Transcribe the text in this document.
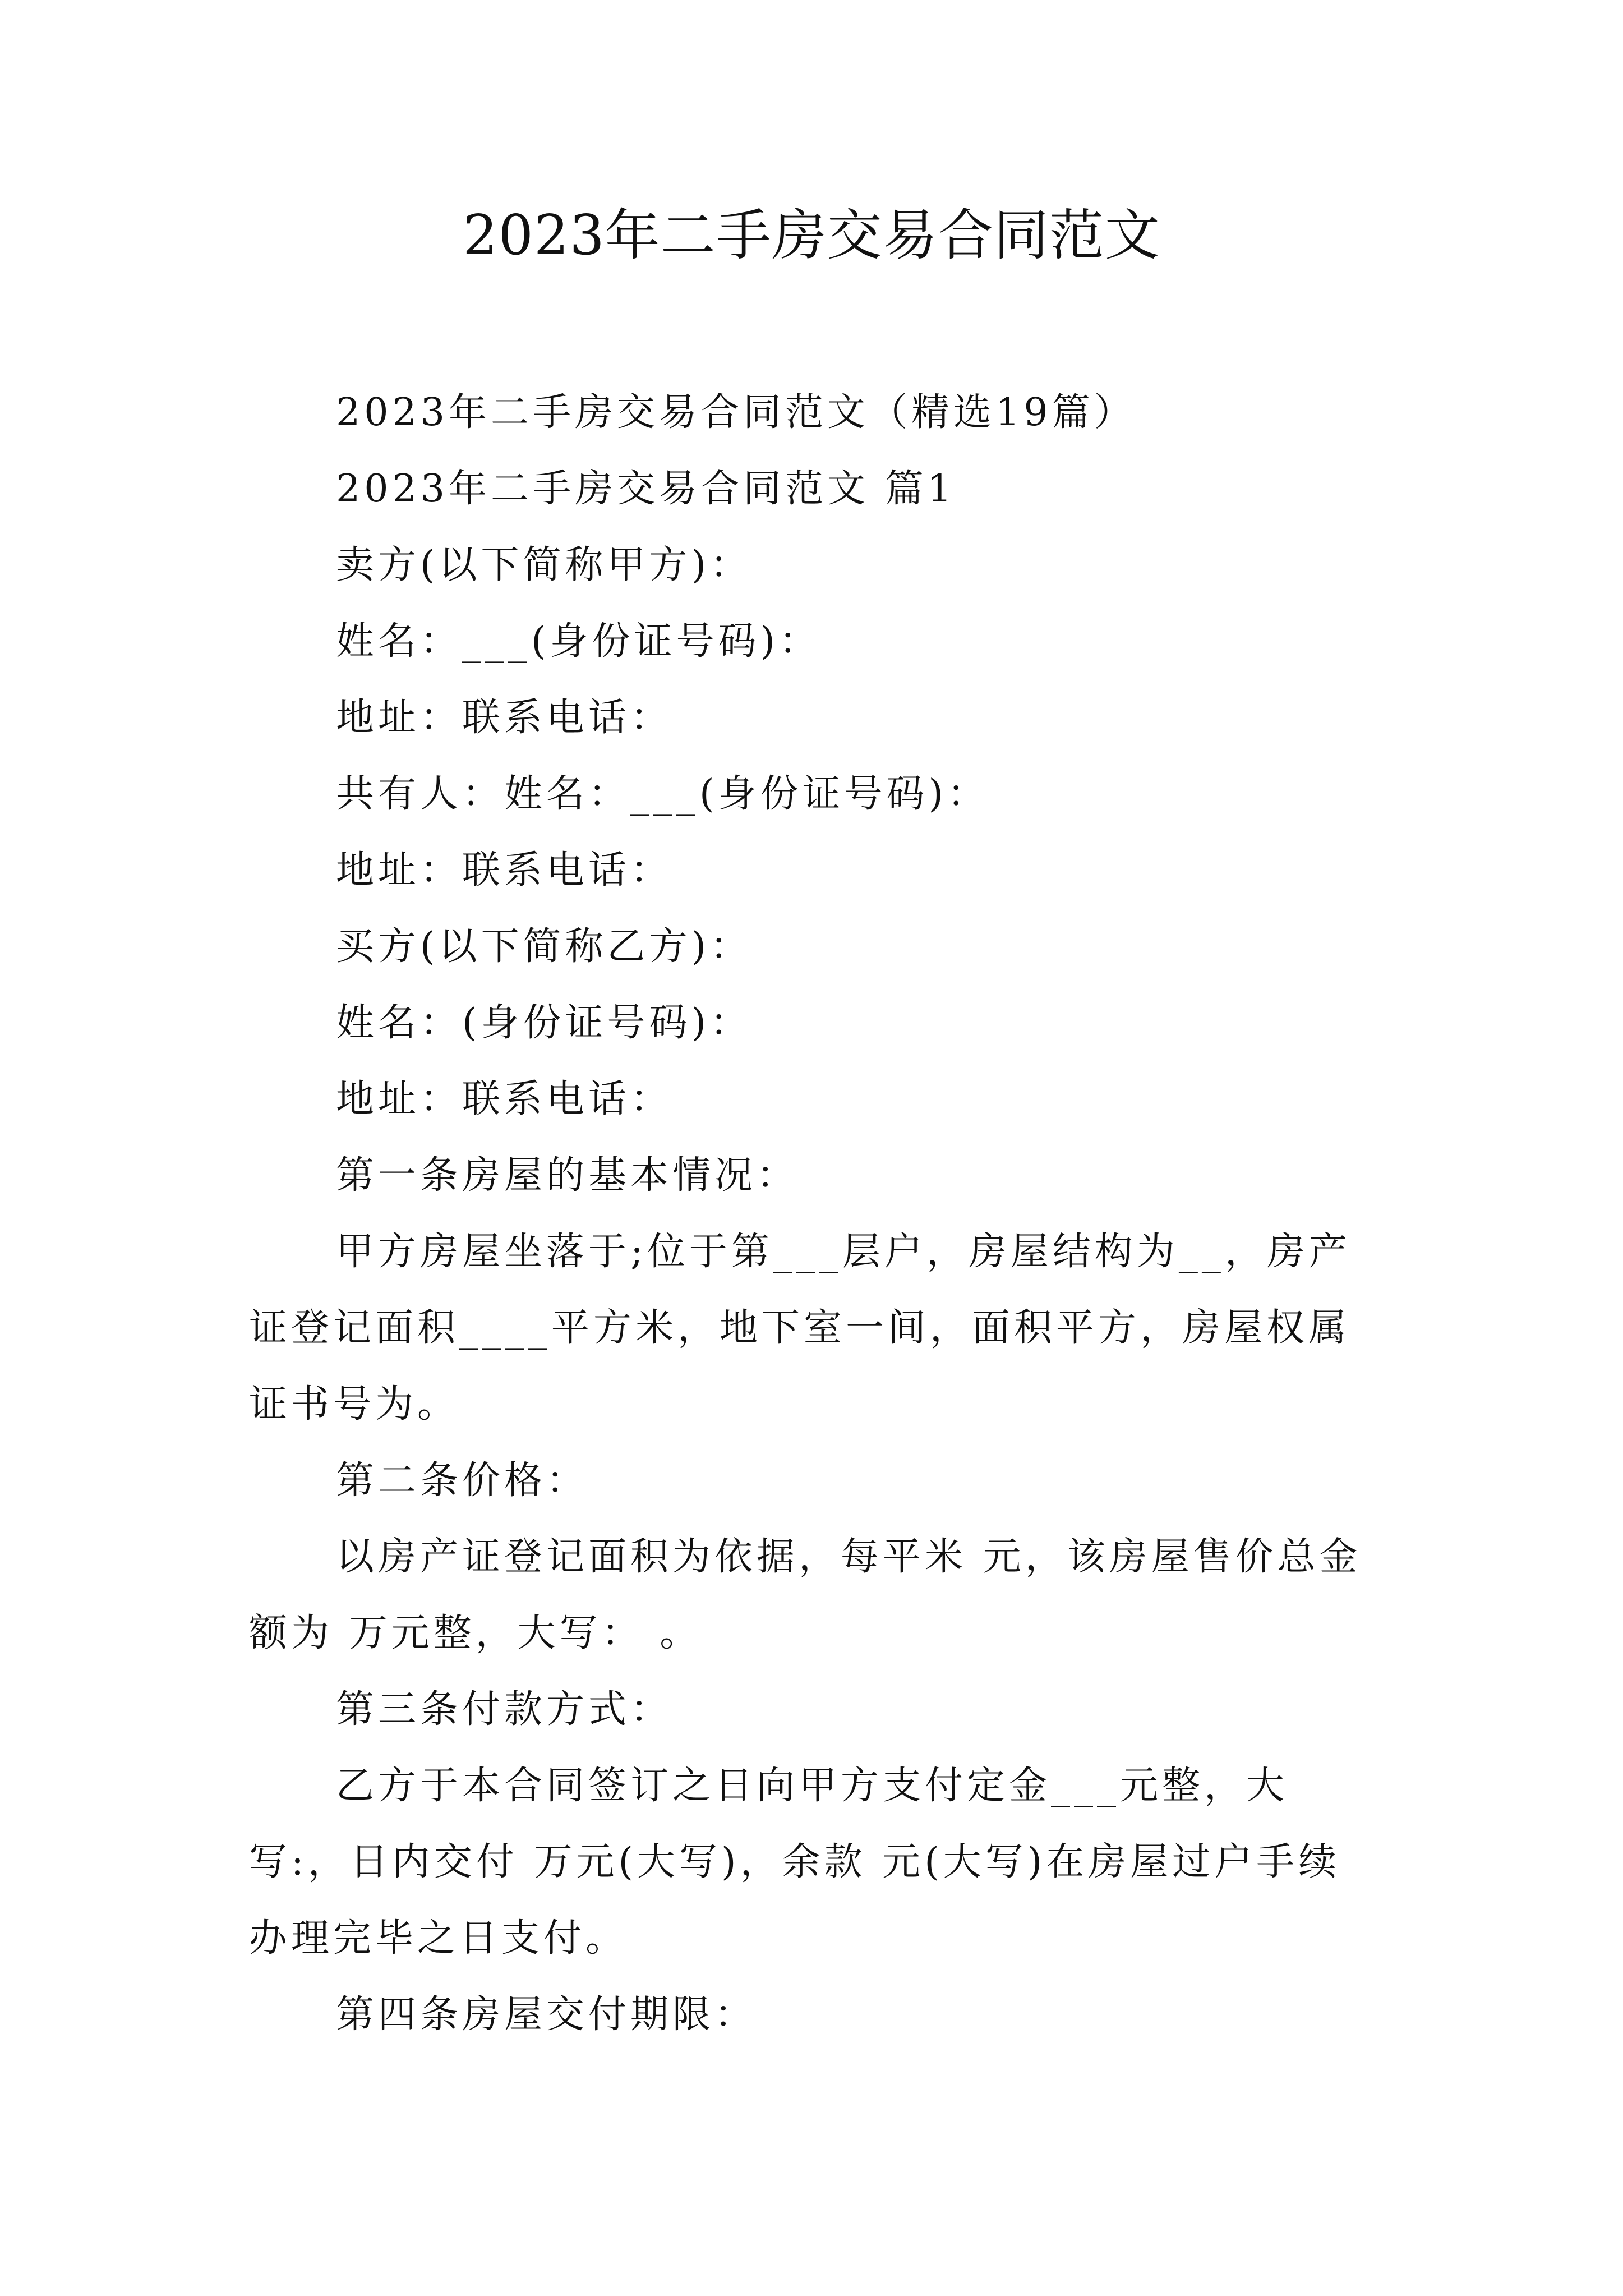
2023年二手房交易合同范文

2023年二手房交易合同范文（精选19篇）

2023年二手房交易合同范文 篇1

卖方(以下简称甲方)：

姓名：___(身份证号码)：

地址：联系电话：

共有人：姓名：___(身份证号码)：

地址：联系电话：

买方(以下简称乙方)：

姓名：(身份证号码)：

地址：联系电话：

第一条房屋的基本情况：

甲方房屋坐落于;位于第___层户，房屋结构为__，房产证登记面积____平方米，地下室一间，面积平方，房屋权属证书号为。

第二条价格：

以房产证登记面积为依据，每平米 元，该房屋售价总金额为 万元整，大写： 。

第三条付款方式：

乙方于本合同签订之日向甲方支付定金___元整，大写:，日内交付 万元(大写)，余款 元(大写)在房屋过户手续办理完毕之日支付。

第四条房屋交付期限：
